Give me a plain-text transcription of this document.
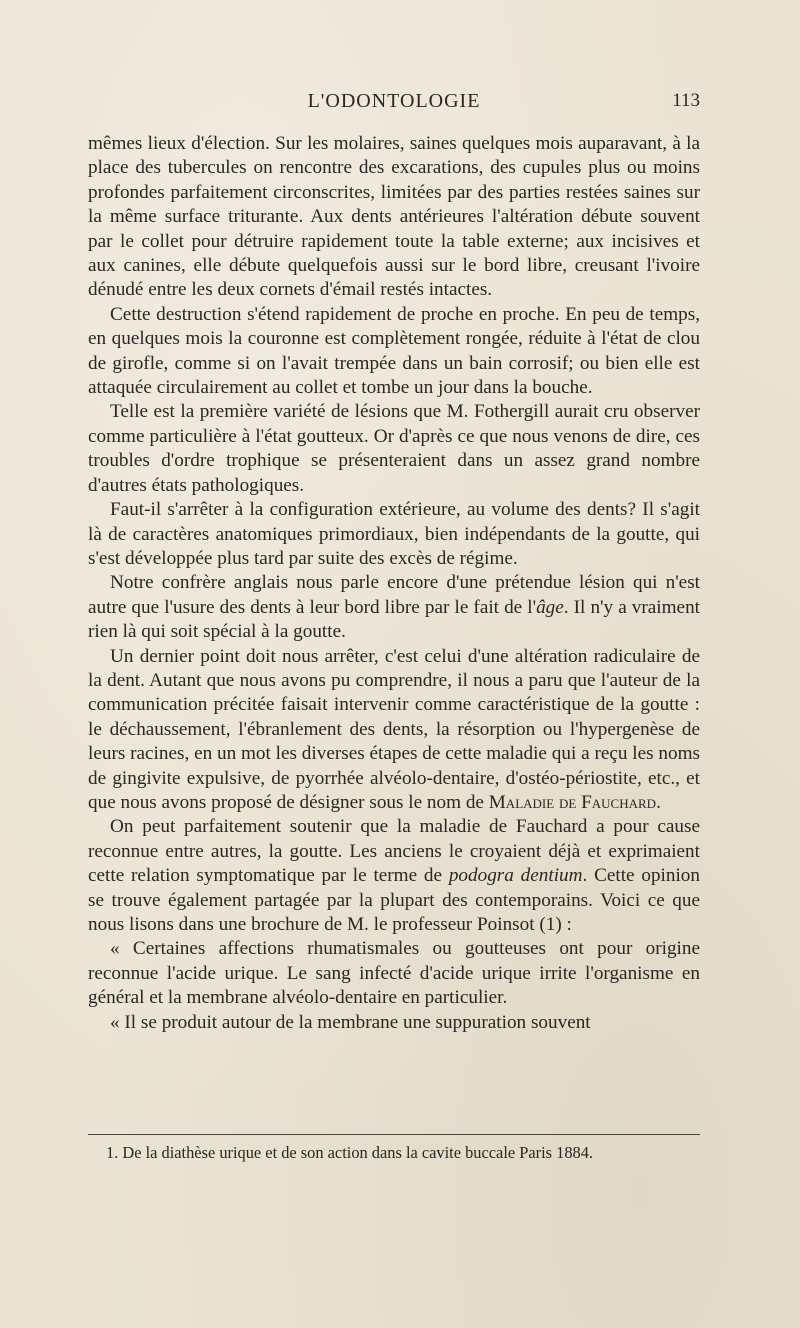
L'ODONTOLOGIE	113

mêmes lieux d'élection. Sur les molaires, saines quelques mois auparavant, à la place des tubercules on rencontre des excarations, des cupules plus ou moins profondes parfaitement circonscrites, limitées par des parties restées saines sur la même surface triturante. Aux dents antérieures l'altération débute souvent par le collet pour détruire rapidement toute la table externe; aux incisives et aux canines, elle débute quelquefois aussi sur le bord libre, creusant l'ivoire dénudé entre les deux cornets d'émail restés intactes.

Cette destruction s'étend rapidement de proche en proche. En peu de temps, en quelques mois la couronne est complètement rongée, réduite à l'état de clou de girofle, comme si on l'avait trempée dans un bain corrosif; ou bien elle est attaquée circulairement au collet et tombe un jour dans la bouche.

Telle est la première variété de lésions que M. Fothergill aurait cru observer comme particulière à l'état goutteux. Or d'après ce que nous venons de dire, ces troubles d'ordre trophique se présenteraient dans un assez grand nombre d'autres états pathologiques.

Faut-il s'arrêter à la configuration extérieure, au volume des dents? Il s'agit là de caractères anatomiques primordiaux, bien indépendants de la goutte, qui s'est développée plus tard par suite des excès de régime.

Notre confrère anglais nous parle encore d'une prétendue lésion qui n'est autre que l'usure des dents à leur bord libre par le fait de l'âge. Il n'y a vraiment rien là qui soit spécial à la goutte.

Un dernier point doit nous arrêter, c'est celui d'une altération radiculaire de la dent. Autant que nous avons pu comprendre, il nous a paru que l'auteur de la communication précitée faisait intervenir comme caractéristique de la goutte : le déchaussement, l'ébranlement des dents, la résorption ou l'hypergenèse de leurs racines, en un mot les diverses étapes de cette maladie qui a reçu les noms de gingivite expulsive, de pyorrhée alvéolo-dentaire, d'ostéo-périostite, etc., et que nous avons proposé de désigner sous le nom de Maladie de Fauchard.

On peut parfaitement soutenir que la maladie de Fauchard a pour cause reconnue entre autres, la goutte. Les anciens le croyaient déjà et exprimaient cette relation symptomatique par le terme de podogra dentium. Cette opinion se trouve également partagée par la plupart des contemporains. Voici ce que nous lisons dans une brochure de M. le professeur Poinsot (1) :

« Certaines affections rhumatismales ou goutteuses ont pour origine reconnue l'acide urique. Le sang infecté d'acide urique irrite l'organisme en général et la membrane alvéolo-dentaire en particulier.

« Il se produit autour de la membrane une suppuration souvent

1. De la diathèse urique et de son action dans la cavite buccale Paris 1884.
